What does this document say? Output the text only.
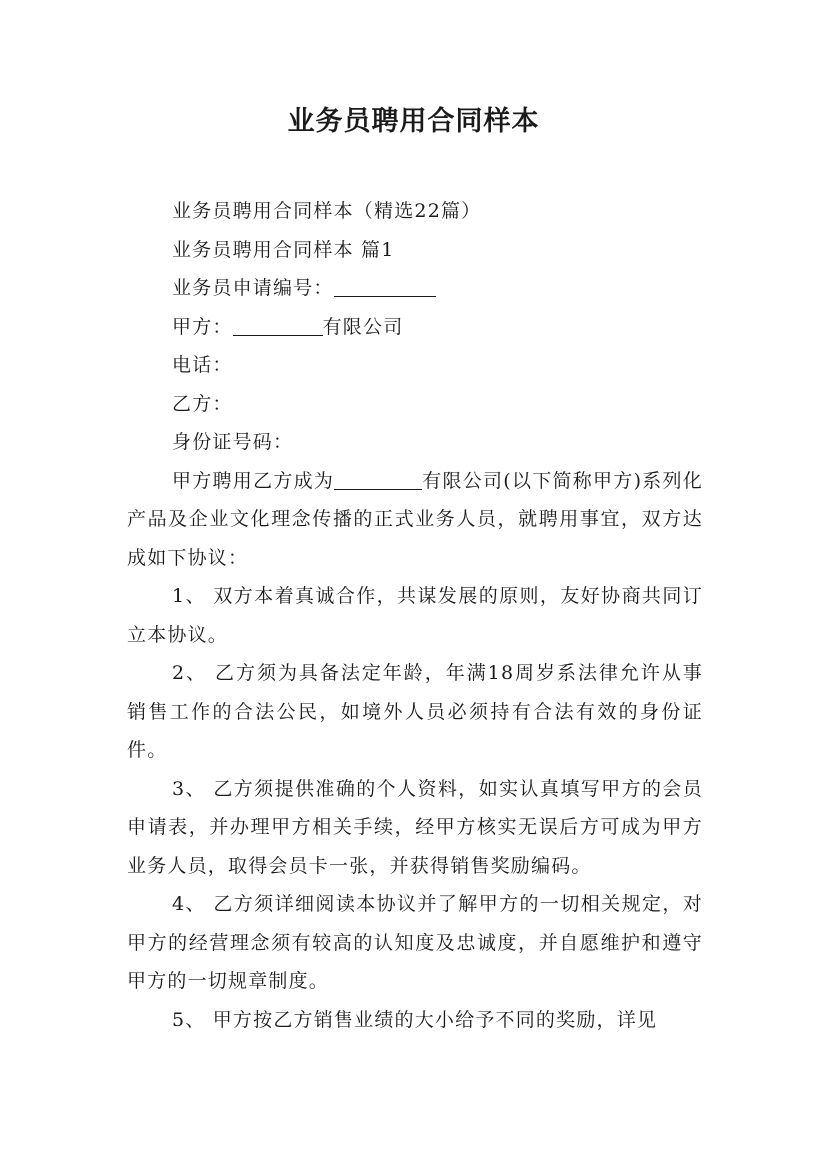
业务员聘用合同样本

业务员聘用合同样本（精选22篇）

业务员聘用合同样本 篇1

业务员申请编号：

甲方：	有限公司

电话：

乙方：

身份证号码：

甲方聘用乙方成为	有限公司(以下简称甲方)系列化产品及企业文化理念传播的正式业务人员，就聘用事宜，双方达成如下协议：

1、 双方本着真诚合作，共谋发展的原则，友好协商共同订立本协议。

2、 乙方须为具备法定年龄，年满18周岁系法律允许从事销售工作的合法公民，如境外人员必须持有合法有效的身份证件。

3、 乙方须提供准确的个人资料，如实认真填写甲方的会员申请表，并办理甲方相关手续，经甲方核实无误后方可成为甲方业务人员，取得会员卡一张，并获得销售奖励编码。

4、 乙方须详细阅读本协议并了解甲方的一切相关规定，对甲方的经营理念须有较高的认知度及忠诚度，并自愿维护和遵守甲方的一切规章制度。

5、 甲方按乙方销售业绩的大小给予不同的奖励，详见
